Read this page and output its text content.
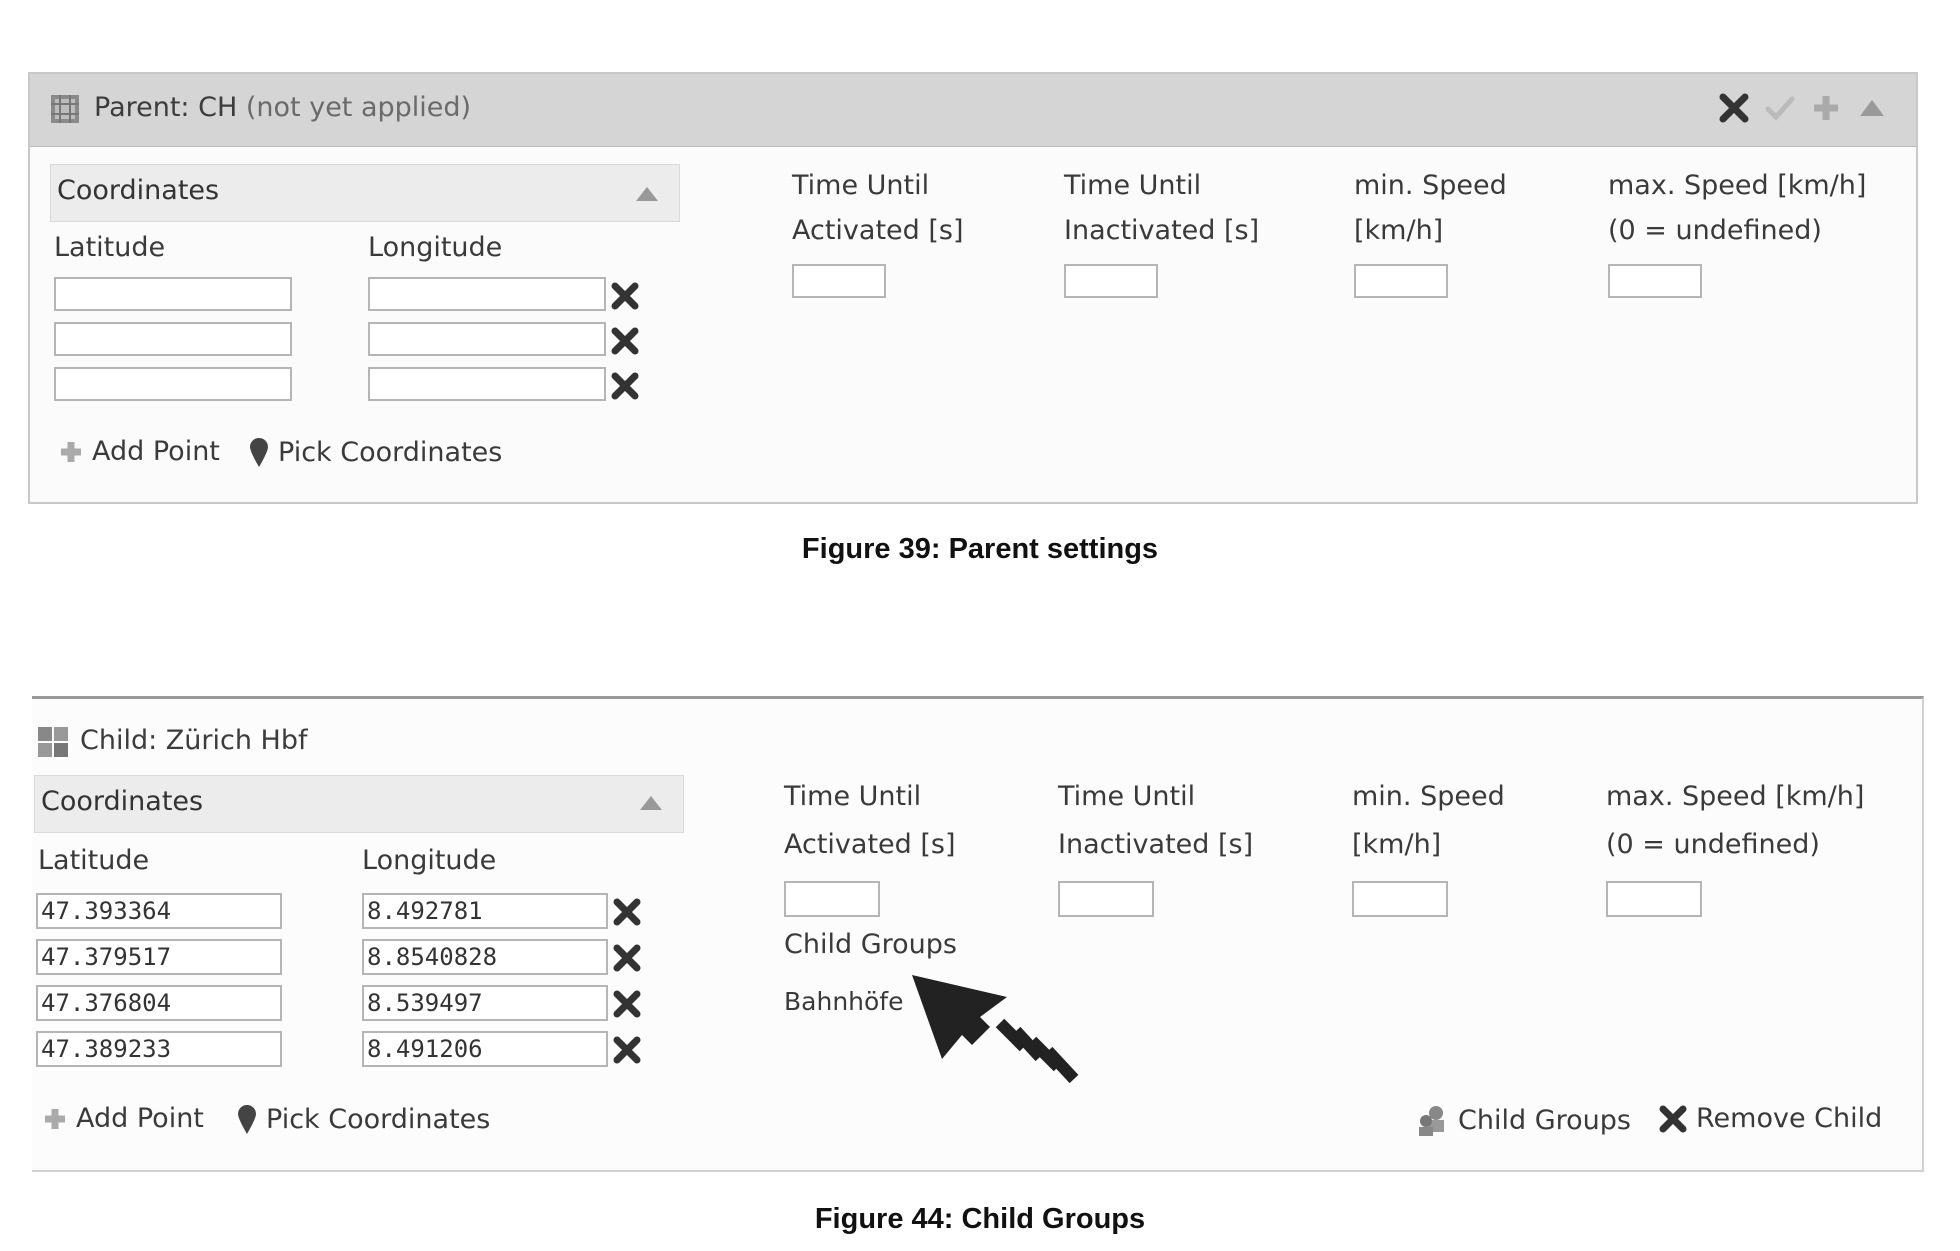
Parent: CH (not yet applied)
Coordinates
Latitude	Longitude
Add Point Pick Coordinates
Time Until
Activated [s]
Time Until
Inactivated [s]
min. Speed
[km/h]
max. Speed [km/h]
(0 = undefined)
Figure 39: Parent settings
Child: Zürich Hbf
Coordinates
Latitude	Longitude
47.393364
8.492781
47.379517
8.8540828
47.376804
8.539497
47.389233
8.491206
Add Point Pick Coordinates
Time Until
Activated [s]
Time Until
Inactivated [s]
min. Speed
[km/h]
max. Speed [km/h]
(0 = undefined)
Child Groups
Bahnhöfe
Child Groups Remove Child
Figure 44: Child Groups
